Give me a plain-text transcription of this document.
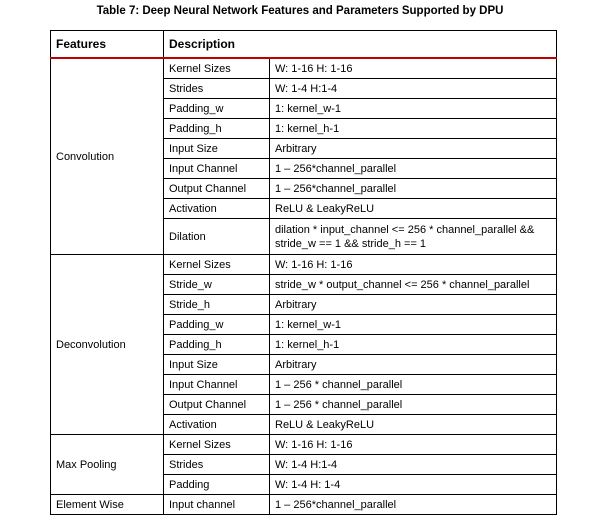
Table 7: Deep Neural Network Features and Parameters Supported by DPU
Features	Description	
Convolution	Kernel Sizes	W: 1-16 H: 1-16
	Strides	W: 1-4 H:1-4
	Padding_w	1: kernel_w-1
	Padding_h	1: kernel_h-1
	Input Size	Arbitrary
	Input Channel	1 – 256*channel_parallel
	Output Channel	1 – 256*channel_parallel
	Activation	ReLU & LeakyReLU
	Dilation	dilation * input_channel <= 256 * channel_parallel && stride_w == 1 && stride_h == 1
Deconvolution	Kernel Sizes	W: 1-16 H: 1-16
	Stride_w	stride_w * output_channel <= 256 * channel_parallel
	Stride_h	Arbitrary
	Padding_w	1: kernel_w-1
	Padding_h	1: kernel_h-1
	Input Size	Arbitrary
	Input Channel	1 – 256 * channel_parallel
	Output Channel	1 – 256 * channel_parallel
	Activation	ReLU & LeakyReLU
Max Pooling	Kernel Sizes	W: 1-16 H: 1-16
	Strides	W: 1-4 H:1-4
	Padding	W: 1-4 H: 1-4
Element Wise	Input channel	1 – 256*channel_parallel
